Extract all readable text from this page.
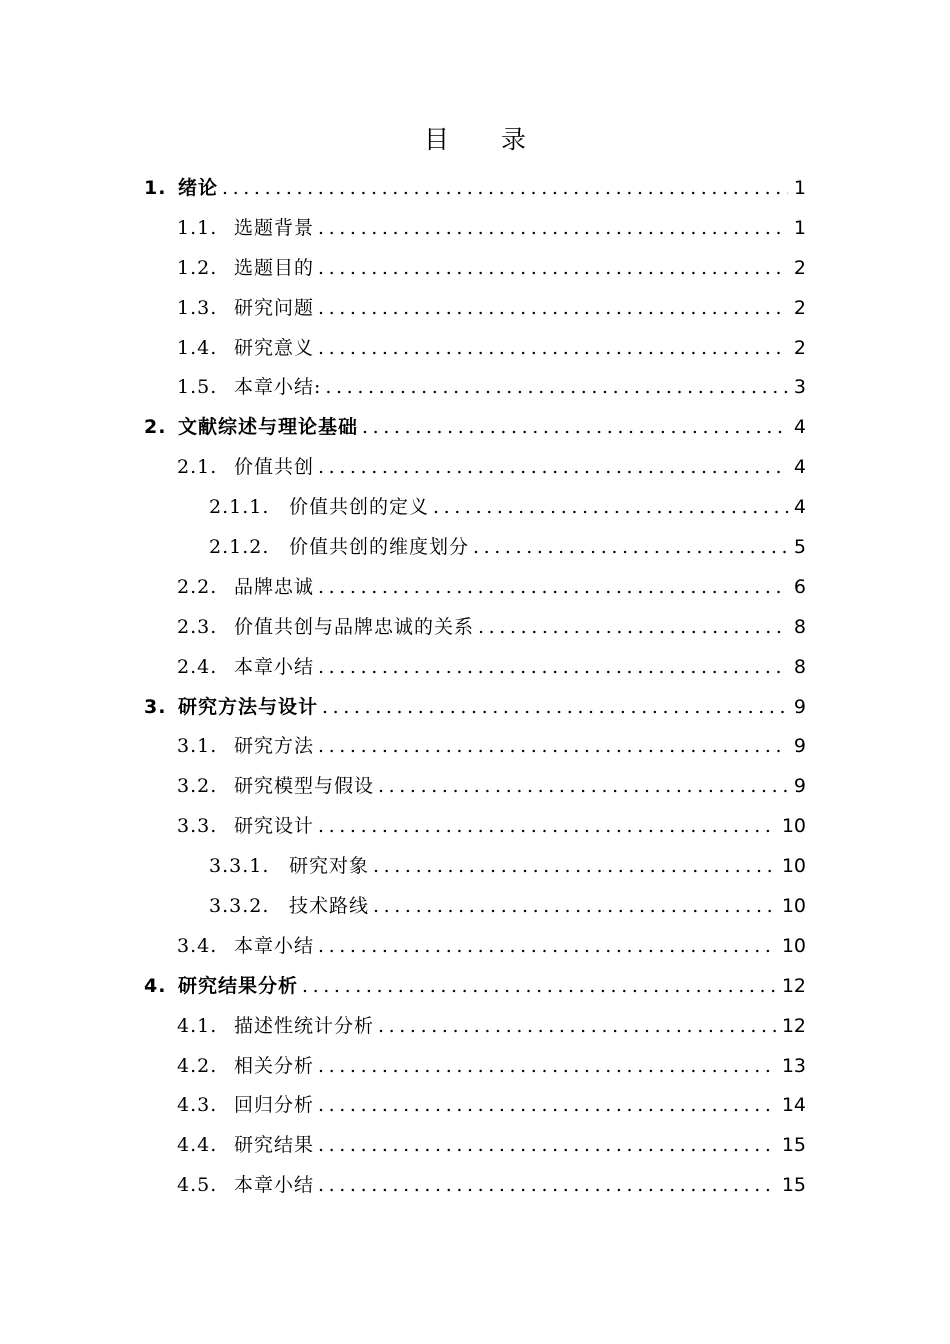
目 录
1. 绪论 .....	1
1.1. 选题背景 .....	1
1.2. 选题目的 .....	2
1.3. 研究问题 .....	2
1.4. 研究意义 .....	2
1.5. 本章小结: .....	3
2. 文献综述与理论基础 .....	4
2.1. 价值共创 .....	4
2.1.1.	价值共创的定义 .....	4
2.1.2.	价值共创的维度划分 .....	5
2.2. 品牌忠诚 .....	6
2.3. 价值共创与品牌忠诚的关系 .....	8
2.4. 本章小结 .....	8
3. 研究方法与设计 .....	9
3.1. 研究方法 .....	9
3.2. 研究模型与假设 .....	9
3.3. 研究设计 .....	10
3.3.1.	研究对象 .....	10
3.3.2.	技术路线 .....	10
3.4. 本章小结 .....	10
4. 研究结果分析 .....	12
4.1. 描述性统计分析 .....	12
4.2. 相关分析 .....	13
4.3. 回归分析 .....	14
4.4. 研究结果 .....	15
4.5. 本章小结 .....	15
